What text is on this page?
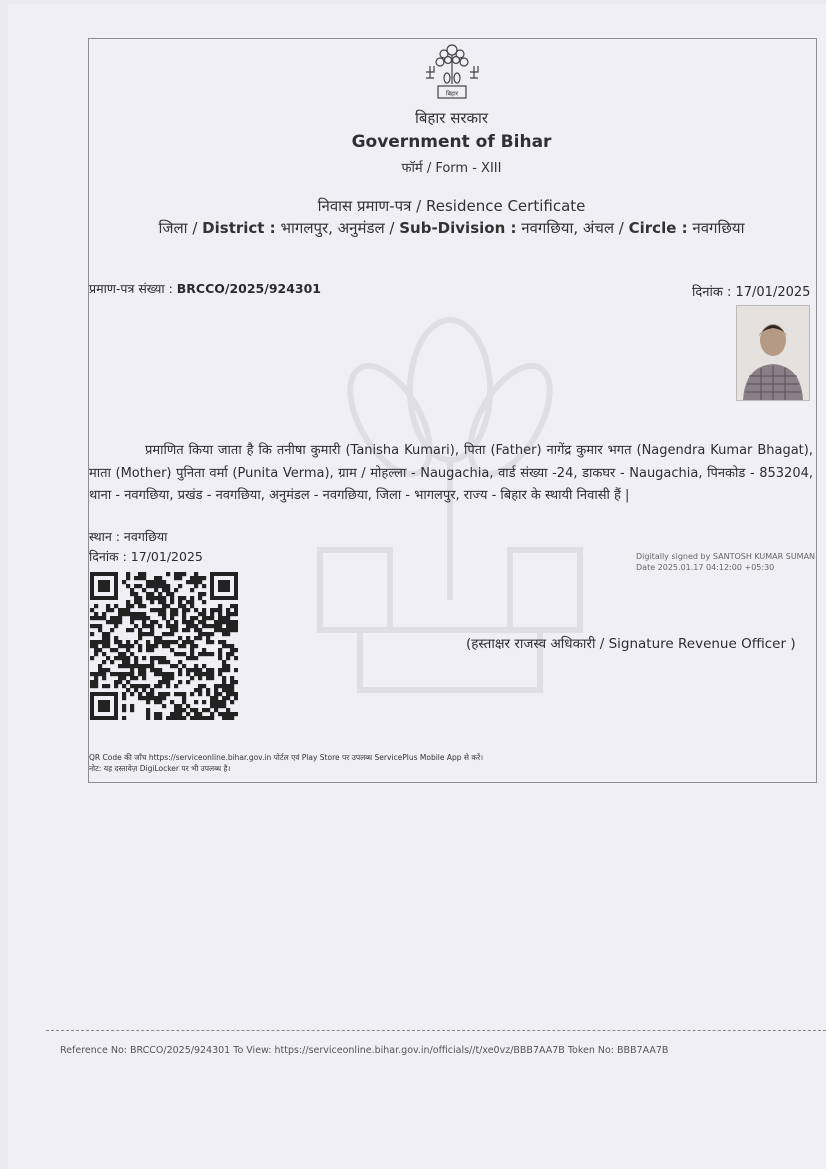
बिहार
बिहार सरकार
Government of Bihar
फॉर्म / Form - XIII
निवास प्रमाण-पत्र / Residence Certificate
जिला / District : भागलपुर, अनुमंडल / Sub-Division : नवगछिया, अंचल / Circle : नवगछिया
प्रमाण-पत्र संख्या : BRCCO/2025/924301	दिनांक : 17/01/2025
प्रमाणित किया जाता है कि तनीषा कुमारी (Tanisha Kumari), पिता (Father) नागेंद्र कुमार भगत (Nagendra Kumar Bhagat), माता (Mother) पुनिता वर्मा (Punita Verma), ग्राम / मोहल्ला - Naugachia, वार्ड संख्या -24, डाकघर - Naugachia, पिनकोड - 853204, थाना - नवगछिया, प्रखंड - नवगछिया, अनुमंडल - नवगछिया, जिला - भागलपुर, राज्य - बिहार के स्थायी निवासी हैं |
स्थान : नवगछिया
दिनांक : 17/01/2025	Digitally signed by SANTOSH KUMAR SUMAN
Date 2025.01.17 04:12:00 +05:30
(हस्ताक्षर राजस्व अधिकारी / Signature Revenue Officer )
QR Code की जाँच https://serviceonline.bihar.gov.in पोर्टल एवं Play Store पर उपलब्ध ServicePlus Mobile App से करें।
नोट: यह दस्तावेज़ DigiLocker पर भी उपलब्ध है।
Reference No: BRCCO/2025/924301 To View: https://serviceonline.bihar.gov.in/officials//t/xe0vz/BBB7AA7B Token No: BBB7AA7B
